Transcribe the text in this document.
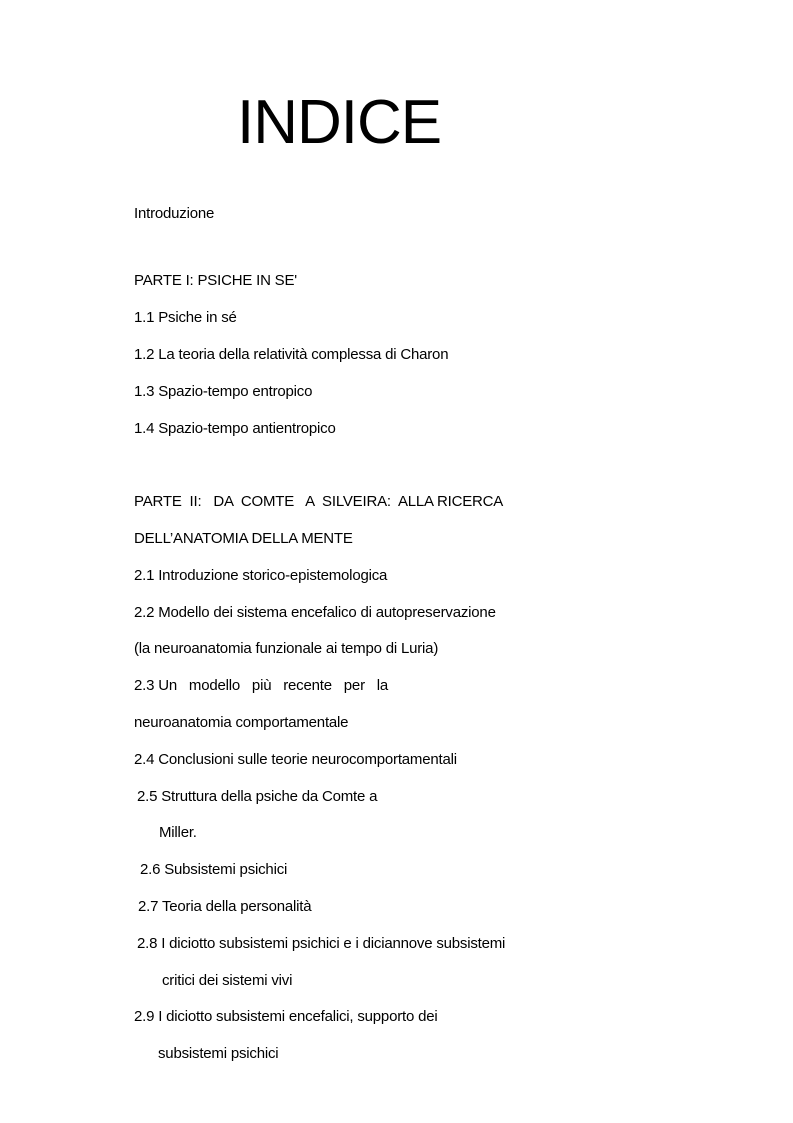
INDICE
Introduzione
PARTE I: PSICHE IN SE'
1.1 Psiche in sé
1.2 La teoria della relatività complessa di Charon
1.3 Spazio-tempo entropico
1.4 Spazio-tempo antientropico
PARTE  II:   DA  COMTE   A  SILVEIRA:  ALLA RICERCA
DELL’ANATOMIA DELLA MENTE
2.1 Introduzione storico-epistemologica
2.2 Modello dei sistema encefalico di autopreservazione
(la neuroanatomia funzionale ai tempo di Luria)
2.3 Un   modello   più   recente   per   la
neuroanatomia comportamentale
2.4 Conclusioni sulle teorie neurocomportamentali
2.5 Struttura della psiche da Comte a
Miller.
2.6 Subsistemi psichici
2.7 Teoria della personalità
2.8 I diciotto subsistemi psichici e i diciannove subsistemi
critici dei sistemi vivi
2.9 I diciotto subsistemi encefalici, supporto dei
subsistemi psichici
